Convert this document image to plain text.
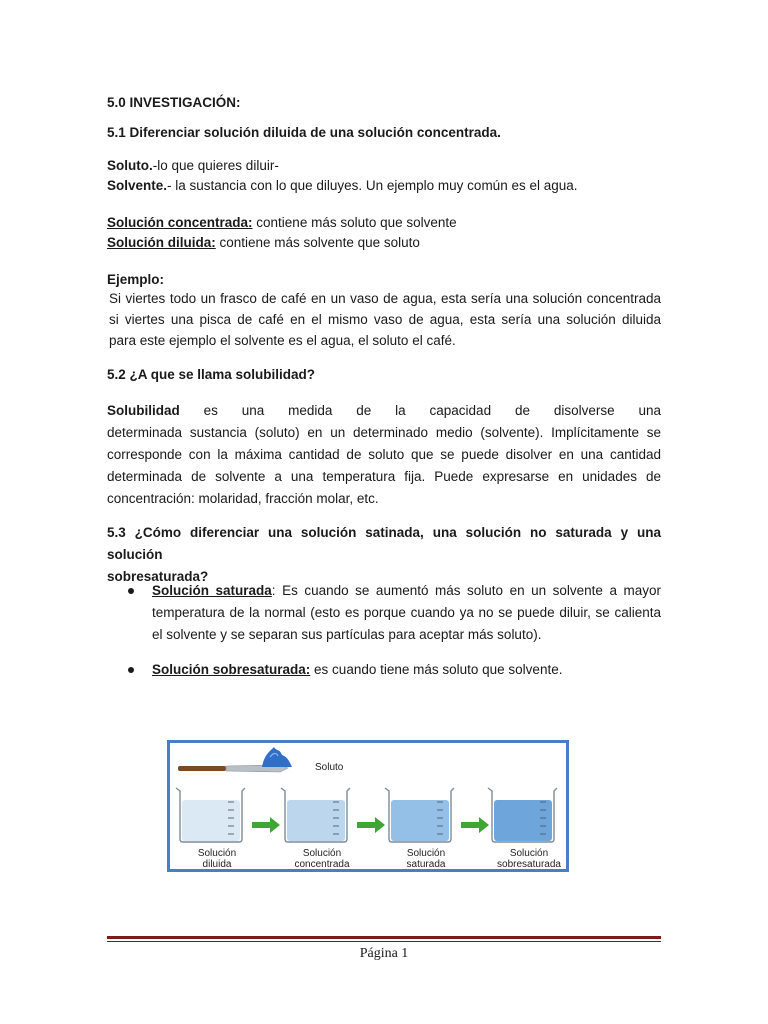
5.0 INVESTIGACIÓN:
5.1 Diferenciar solución diluida de una solución concentrada.
Soluto.-lo que quieres diluir-
Solvente.- la sustancia con lo que diluyes. Un ejemplo muy común es el agua.
Solución concentrada: contiene más soluto que solvente
Solución diluida: contiene más solvente que soluto
Ejemplo:
Si viertes todo un frasco de café en un vaso de agua, esta sería una solución concentrada
si viertes una pisca de café en el mismo vaso de agua, esta sería una solución diluida
para este ejemplo el solvente es el agua, el soluto el café.
5.2 ¿A que se llama solubilidad?
Solubilidad es una medida de la capacidad de disolverse una
determinada sustancia (soluto) en un determinado medio (solvente). Implícitamente se
corresponde con la máxima cantidad de soluto que se puede disolver en una cantidad
determinada de solvente a una temperatura fija. Puede expresarse en unidades de
concentración: molaridad, fracción molar, etc.
5.3 ¿Cómo diferenciar una solución satinada, una solución no saturada y una solución
sobresaturada?
Solución saturada: Es cuando se aumentó más soluto en un solvente a mayor
temperatura de la normal (esto es porque cuando ya no se puede diluir, se calienta
el solvente y se separan sus partículas para aceptar más soluto).
Solución sobresaturada: es cuando tiene más soluto que solvente.
Soluto
Solución
diluida
Solución
concentrada
Solución
saturada
Solución
sobresaturada
Página 1
